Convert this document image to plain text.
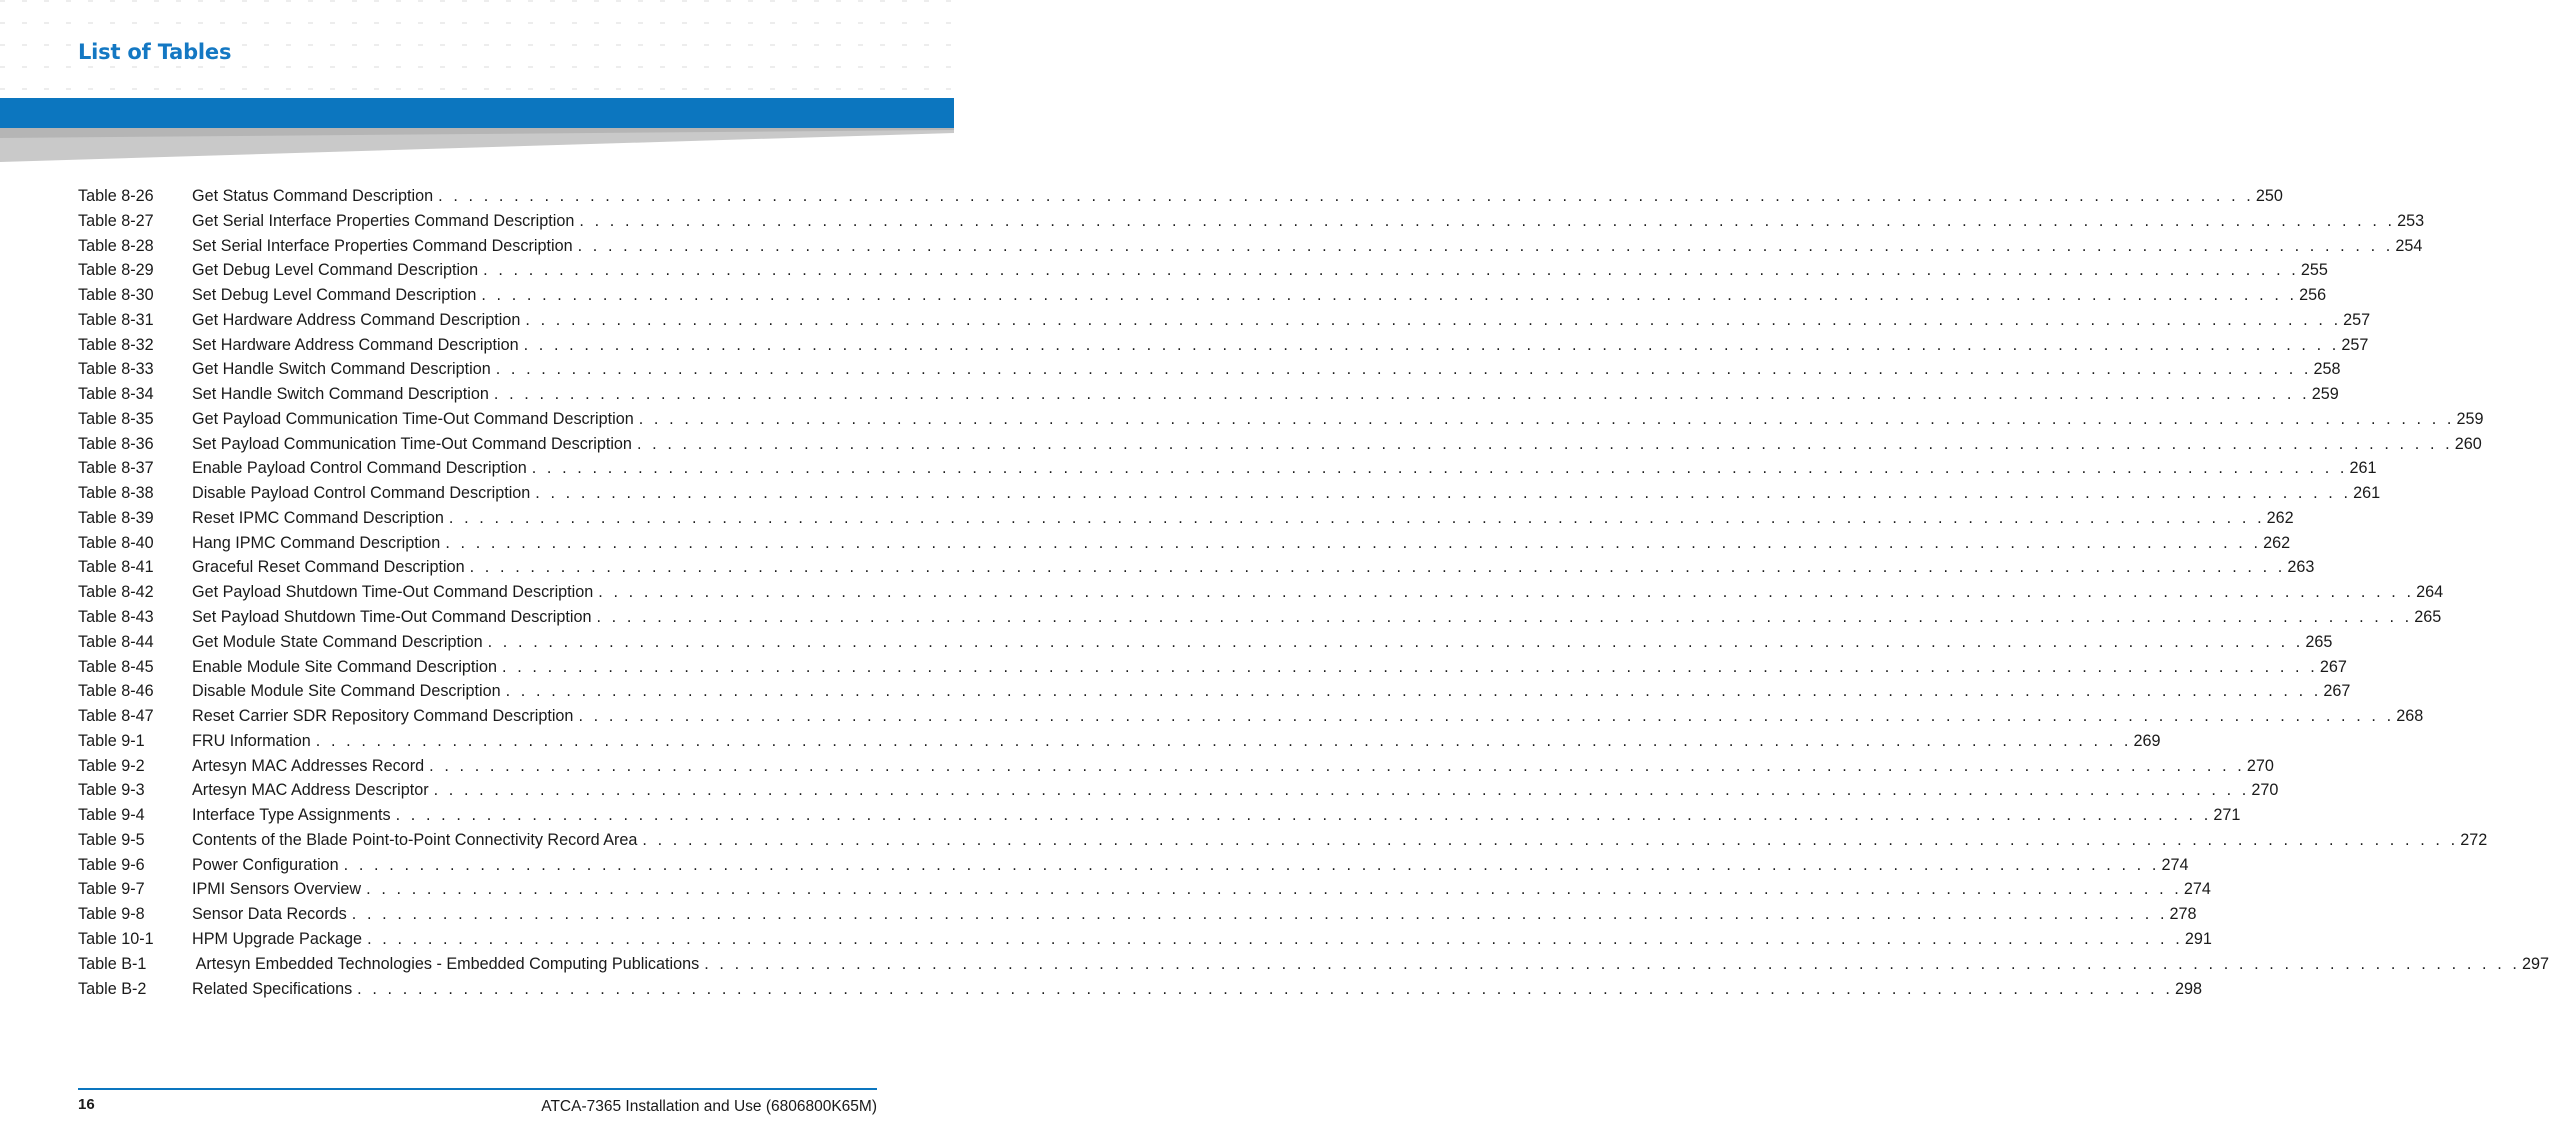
List of Tables
Table 8-26	Get Status Command Description . . . . . . . . . . . . . . . . . . . . . . . . . . . . . . . . . . . . . . . . . . . . . . . . . . . . . . . . . . . . . . . . . . . . . . . . . . . . . . . . . . . . . . . . . . . . . . . . . . . . . . . . . . . . . . . . . . . . . . . . 250
Table 8-27	Get Serial Interface Properties Command Description . . . . . . . . . . . . . . . . . . . . . . . . . . . . . . . . . . . . . . . . . . . . . . . . . . . . . . . . . . . . . . . . . . . . . . . . . . . . . . . . . . . . . . . . . . . . . . . . . . . . . . . . . . . . . . . . . . . . . . . . 253
Table 8-28	Set Serial Interface Properties Command Description . . . . . . . . . . . . . . . . . . . . . . . . . . . . . . . . . . . . . . . . . . . . . . . . . . . . . . . . . . . . . . . . . . . . . . . . . . . . . . . . . . . . . . . . . . . . . . . . . . . . . . . . . . . . . . . . . . . . . . . . 254
Table 8-29	Get Debug Level Command Description . . . . . . . . . . . . . . . . . . . . . . . . . . . . . . . . . . . . . . . . . . . . . . . . . . . . . . . . . . . . . . . . . . . . . . . . . . . . . . . . . . . . . . . . . . . . . . . . . . . . . . . . . . . . . . . . . . . . . . . . 255
Table 8-30	Set Debug Level Command Description . . . . . . . . . . . . . . . . . . . . . . . . . . . . . . . . . . . . . . . . . . . . . . . . . . . . . . . . . . . . . . . . . . . . . . . . . . . . . . . . . . . . . . . . . . . . . . . . . . . . . . . . . . . . . . . . . . . . . . . . 256
Table 8-31	Get Hardware Address Command Description . . . . . . . . . . . . . . . . . . . . . . . . . . . . . . . . . . . . . . . . . . . . . . . . . . . . . . . . . . . . . . . . . . . . . . . . . . . . . . . . . . . . . . . . . . . . . . . . . . . . . . . . . . . . . . . . . . . . . . . . 257
Table 8-32	Set Hardware Address Command Description . . . . . . . . . . . . . . . . . . . . . . . . . . . . . . . . . . . . . . . . . . . . . . . . . . . . . . . . . . . . . . . . . . . . . . . . . . . . . . . . . . . . . . . . . . . . . . . . . . . . . . . . . . . . . . . . . . . . . . . . 257
Table 8-33	Get Handle Switch Command Description . . . . . . . . . . . . . . . . . . . . . . . . . . . . . . . . . . . . . . . . . . . . . . . . . . . . . . . . . . . . . . . . . . . . . . . . . . . . . . . . . . . . . . . . . . . . . . . . . . . . . . . . . . . . . . . . . . . . . . . . 258
Table 8-34	Set Handle Switch Command Description . . . . . . . . . . . . . . . . . . . . . . . . . . . . . . . . . . . . . . . . . . . . . . . . . . . . . . . . . . . . . . . . . . . . . . . . . . . . . . . . . . . . . . . . . . . . . . . . . . . . . . . . . . . . . . . . . . . . . . . . 259
Table 8-35	Get Payload Communication Time-Out Command Description . . . . . . . . . . . . . . . . . . . . . . . . . . . . . . . . . . . . . . . . . . . . . . . . . . . . . . . . . . . . . . . . . . . . . . . . . . . . . . . . . . . . . . . . . . . . . . . . . . . . . . . . . . . . . . . . . . . . . . . . 259
Table 8-36	Set Payload Communication Time-Out Command Description . . . . . . . . . . . . . . . . . . . . . . . . . . . . . . . . . . . . . . . . . . . . . . . . . . . . . . . . . . . . . . . . . . . . . . . . . . . . . . . . . . . . . . . . . . . . . . . . . . . . . . . . . . . . . . . . . . . . . . . . 260
Table 8-37	Enable Payload Control Command Description . . . . . . . . . . . . . . . . . . . . . . . . . . . . . . . . . . . . . . . . . . . . . . . . . . . . . . . . . . . . . . . . . . . . . . . . . . . . . . . . . . . . . . . . . . . . . . . . . . . . . . . . . . . . . . . . . . . . . . . . 261
Table 8-38	Disable Payload Control Command Description . . . . . . . . . . . . . . . . . . . . . . . . . . . . . . . . . . . . . . . . . . . . . . . . . . . . . . . . . . . . . . . . . . . . . . . . . . . . . . . . . . . . . . . . . . . . . . . . . . . . . . . . . . . . . . . . . . . . . . . . 261
Table 8-39	Reset IPMC Command Description . . . . . . . . . . . . . . . . . . . . . . . . . . . . . . . . . . . . . . . . . . . . . . . . . . . . . . . . . . . . . . . . . . . . . . . . . . . . . . . . . . . . . . . . . . . . . . . . . . . . . . . . . . . . . . . . . . . . . . . . 262
Table 8-40	Hang IPMC Command Description . . . . . . . . . . . . . . . . . . . . . . . . . . . . . . . . . . . . . . . . . . . . . . . . . . . . . . . . . . . . . . . . . . . . . . . . . . . . . . . . . . . . . . . . . . . . . . . . . . . . . . . . . . . . . . . . . . . . . . . . 262
Table 8-41	Graceful Reset Command Description . . . . . . . . . . . . . . . . . . . . . . . . . . . . . . . . . . . . . . . . . . . . . . . . . . . . . . . . . . . . . . . . . . . . . . . . . . . . . . . . . . . . . . . . . . . . . . . . . . . . . . . . . . . . . . . . . . . . . . . . 263
Table 8-42	Get Payload Shutdown Time-Out Command Description . . . . . . . . . . . . . . . . . . . . . . . . . . . . . . . . . . . . . . . . . . . . . . . . . . . . . . . . . . . . . . . . . . . . . . . . . . . . . . . . . . . . . . . . . . . . . . . . . . . . . . . . . . . . . . . . . . . . . . . . 264
Table 8-43	Set Payload Shutdown Time-Out Command Description . . . . . . . . . . . . . . . . . . . . . . . . . . . . . . . . . . . . . . . . . . . . . . . . . . . . . . . . . . . . . . . . . . . . . . . . . . . . . . . . . . . . . . . . . . . . . . . . . . . . . . . . . . . . . . . . . . . . . . . . 265
Table 8-44	Get Module State Command Description . . . . . . . . . . . . . . . . . . . . . . . . . . . . . . . . . . . . . . . . . . . . . . . . . . . . . . . . . . . . . . . . . . . . . . . . . . . . . . . . . . . . . . . . . . . . . . . . . . . . . . . . . . . . . . . . . . . . . . . . 265
Table 8-45	Enable Module Site Command Description . . . . . . . . . . . . . . . . . . . . . . . . . . . . . . . . . . . . . . . . . . . . . . . . . . . . . . . . . . . . . . . . . . . . . . . . . . . . . . . . . . . . . . . . . . . . . . . . . . . . . . . . . . . . . . . . . . . . . . . . 267
Table 8-46	Disable Module Site Command Description . . . . . . . . . . . . . . . . . . . . . . . . . . . . . . . . . . . . . . . . . . . . . . . . . . . . . . . . . . . . . . . . . . . . . . . . . . . . . . . . . . . . . . . . . . . . . . . . . . . . . . . . . . . . . . . . . . . . . . . . 267
Table 8-47	Reset Carrier SDR Repository Command Description . . . . . . . . . . . . . . . . . . . . . . . . . . . . . . . . . . . . . . . . . . . . . . . . . . . . . . . . . . . . . . . . . . . . . . . . . . . . . . . . . . . . . . . . . . . . . . . . . . . . . . . . . . . . . . . . . . . . . . . . 268
Table 9-1	FRU Information . . . . . . . . . . . . . . . . . . . . . . . . . . . . . . . . . . . . . . . . . . . . . . . . . . . . . . . . . . . . . . . . . . . . . . . . . . . . . . . . . . . . . . . . . . . . . . . . . . . . . . . . . . . . . . . . . . . . . . . . 269
Table 9-2	Artesyn MAC Addresses Record . . . . . . . . . . . . . . . . . . . . . . . . . . . . . . . . . . . . . . . . . . . . . . . . . . . . . . . . . . . . . . . . . . . . . . . . . . . . . . . . . . . . . . . . . . . . . . . . . . . . . . . . . . . . . . . . . . . . . . . . 270
Table 9-3	Artesyn MAC Address Descriptor . . . . . . . . . . . . . . . . . . . . . . . . . . . . . . . . . . . . . . . . . . . . . . . . . . . . . . . . . . . . . . . . . . . . . . . . . . . . . . . . . . . . . . . . . . . . . . . . . . . . . . . . . . . . . . . . . . . . . . . . 270
Table 9-4	Interface Type Assignments . . . . . . . . . . . . . . . . . . . . . . . . . . . . . . . . . . . . . . . . . . . . . . . . . . . . . . . . . . . . . . . . . . . . . . . . . . . . . . . . . . . . . . . . . . . . . . . . . . . . . . . . . . . . . . . . . . . . . . . . 271
Table 9-5	Contents of the Blade Point-to-Point Connectivity Record Area . . . . . . . . . . . . . . . . . . . . . . . . . . . . . . . . . . . . . . . . . . . . . . . . . . . . . . . . . . . . . . . . . . . . . . . . . . . . . . . . . . . . . . . . . . . . . . . . . . . . . . . . . . . . . . . . . . . . . . . . 272
Table 9-6	Power Configuration . . . . . . . . . . . . . . . . . . . . . . . . . . . . . . . . . . . . . . . . . . . . . . . . . . . . . . . . . . . . . . . . . . . . . . . . . . . . . . . . . . . . . . . . . . . . . . . . . . . . . . . . . . . . . . . . . . . . . . . . 274
Table 9-7	IPMI Sensors Overview . . . . . . . . . . . . . . . . . . . . . . . . . . . . . . . . . . . . . . . . . . . . . . . . . . . . . . . . . . . . . . . . . . . . . . . . . . . . . . . . . . . . . . . . . . . . . . . . . . . . . . . . . . . . . . . . . . . . . . . . 274
Table 9-8	Sensor Data Records . . . . . . . . . . . . . . . . . . . . . . . . . . . . . . . . . . . . . . . . . . . . . . . . . . . . . . . . . . . . . . . . . . . . . . . . . . . . . . . . . . . . . . . . . . . . . . . . . . . . . . . . . . . . . . . . . . . . . . . . 278
Table 10-1	HPM Upgrade Package . . . . . . . . . . . . . . . . . . . . . . . . . . . . . . . . . . . . . . . . . . . . . . . . . . . . . . . . . . . . . . . . . . . . . . . . . . . . . . . . . . . . . . . . . . . . . . . . . . . . . . . . . . . . . . . . . . . . . . . . 291
Table B-1	Artesyn Embedded Technologies - Embedded Computing Publications . . . . . . . . . . . . . . . . . . . . . . . . . . . . . . . . . . . . . . . . . . . . . . . . . . . . . . . . . . . . . . . . . . . . . . . . . . . . . . . . . . . . . . . . . . . . . . . . . . . . . . . . . . . . . . . . . . . . . . . . 297
Table B-2	Related Specifications . . . . . . . . . . . . . . . . . . . . . . . . . . . . . . . . . . . . . . . . . . . . . . . . . . . . . . . . . . . . . . . . . . . . . . . . . . . . . . . . . . . . . . . . . . . . . . . . . . . . . . . . . . . . . . . . . . . . . . . . 298
16	ATCA-7365 Installation and Use (6806800K65M)
